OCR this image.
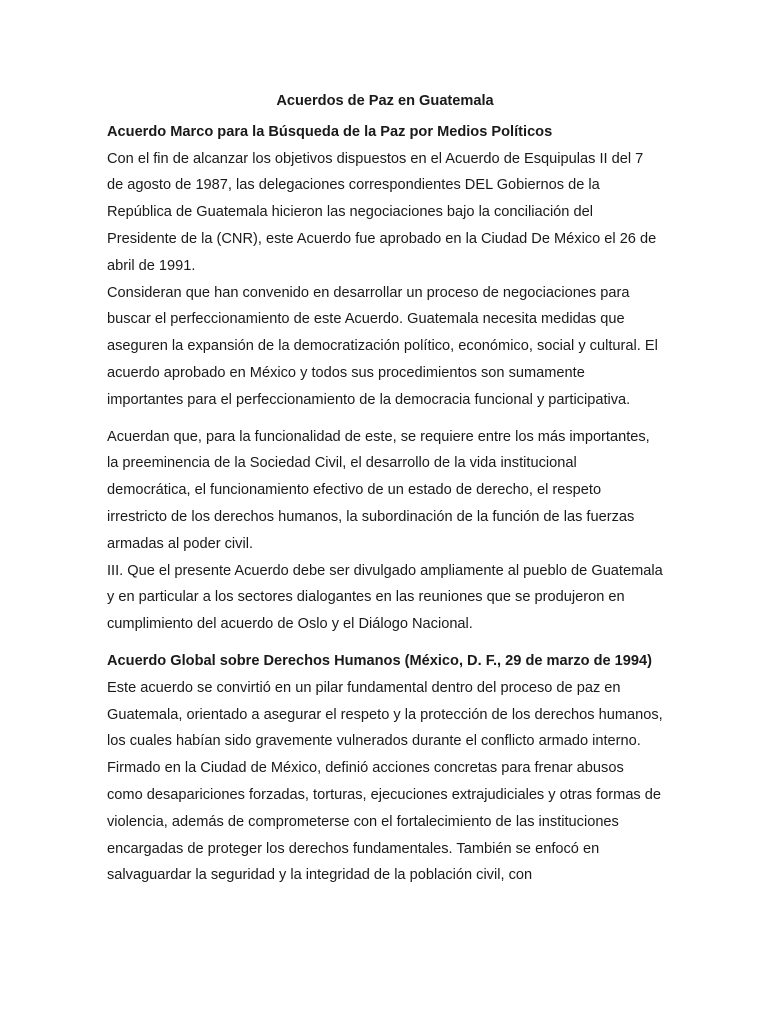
Acuerdos de Paz en Guatemala

Acuerdo Marco para la Búsqueda de la Paz por Medios Políticos

Con el fin de alcanzar los objetivos dispuestos en el Acuerdo de Esquipulas II del 7 de agosto de 1987, las delegaciones correspondientes DEL Gobiernos de la República de Guatemala hicieron las negociaciones bajo la conciliación del Presidente de la (CNR), este Acuerdo fue aprobado en la Ciudad De México el 26 de abril de 1991.

Consideran que han convenido en desarrollar un proceso de negociaciones para buscar el perfeccionamiento de este Acuerdo. Guatemala necesita medidas que aseguren la expansión de la democratización político, económico, social y cultural. El acuerdo aprobado en México y todos sus procedimientos son sumamente importantes para el perfeccionamiento de la democracia funcional y participativa.

Acuerdan que, para la funcionalidad de este, se requiere entre los más importantes, la preeminencia de la Sociedad Civil, el desarrollo de la vida institucional democrática, el funcionamiento efectivo de un estado de derecho, el respeto irrestricto de los derechos humanos, la subordinación de la función de las fuerzas armadas al poder civil.

III. Que el presente Acuerdo debe ser divulgado ampliamente al pueblo de Guatemala y en particular a los sectores dialogantes en las reuniones que se produjeron en cumplimiento del acuerdo de Oslo y el Diálogo Nacional.

Acuerdo Global sobre Derechos Humanos (México, D. F., 29 de marzo de 1994)

Este acuerdo se convirtió en un pilar fundamental dentro del proceso de paz en Guatemala, orientado a asegurar el respeto y la protección de los derechos humanos, los cuales habían sido gravemente vulnerados durante el conflicto armado interno. Firmado en la Ciudad de México, definió acciones concretas para frenar abusos como desapariciones forzadas, torturas, ejecuciones extrajudiciales y otras formas de violencia, además de comprometerse con el fortalecimiento de las instituciones encargadas de proteger los derechos fundamentales. También se enfocó en salvaguardar la seguridad y la integridad de la población civil, con
